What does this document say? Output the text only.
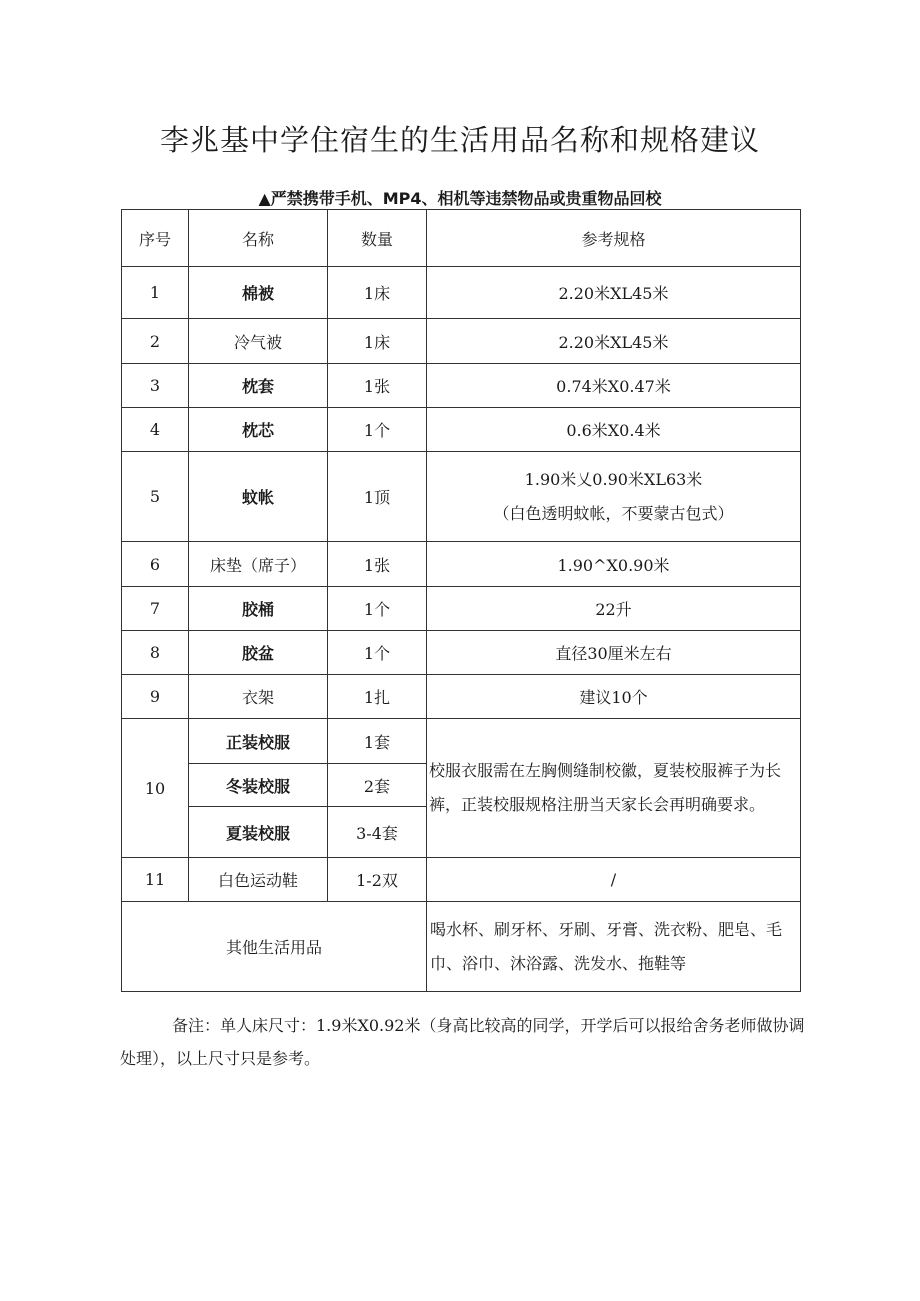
李兆基中学住宿生的生活用品名称和规格建议
▲严禁携带手机、MP4、相机等违禁物品或贵重物品回校
序号	名称	数量	参考规格
1	棉被	1床	2.20米XL45米
2	冷气被	1床	2.20米XL45米
3	枕套	1张	0.74米X0.47米
4	枕芯	1个	0.6米X0.4米
5	蚊帐	1顶	1.90米乂0.90米XL63米
（白色透明蚊帐，不要蒙古包式）

6	床垫（席子）	1张	1.90^X0.90米
7	胶桶	1个	22升
8	胶盆	1个	直径30厘米左右
9	衣架	1扎	建议10个
10	正装校服	1套	校服衣服需在左胸侧缝制校徽，夏装校服裤子为长裤，正装校服规格注册当天家长会再明确要求。
	冬装校服	2套	
	夏装校服	3-4套	
11	白色运动鞋	1-2双	/
其他生活用品			喝水杯、刷牙杯、牙刷、牙膏、洗衣粉、肥皂、毛巾、浴巾、沐浴露、洗发水、拖鞋等
备注：单人床尺寸：1.9米X0.92米（身高比较高的同学，开学后可以报给舍务老师做协调处理），以上尺寸只是参考。
